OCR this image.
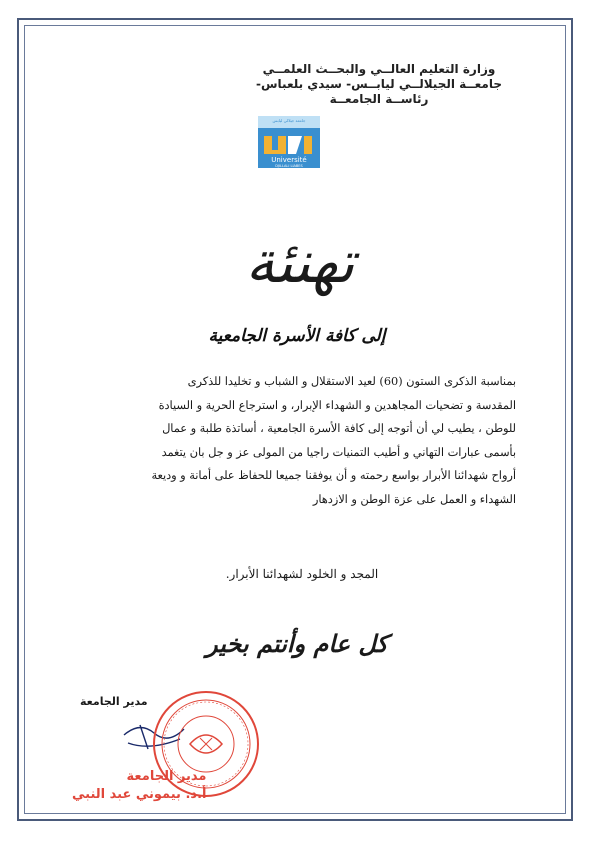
وزارة التعليم العالــي والبحــث العلمــي
جامعــة الجيلالــي ليابــس- سيدي بلعباس-
رئاســة الجامعــة
جامعة جيلالي ليابس
Université
DJILLALI LIABES
تهنئة
إلى كافة الأسرة الجامعية
بمناسبة الذكرى الستون (60) لعيد الاستقلال و الشباب و تخليدا للذكرى
المقدسة و تضحيات المجاهدين و الشهداء الإبرار، و استرجاع الحرية و السيادة
للوطن ، يطيب لي أن أتوجه إلى كافة الأسرة الجامعية ، أساتذة طلبة و عمال
بأسمى عبارات التهاني و أطيب التمنيات راجيا من المولى عز و جل بان يتغمد
أرواح شهدائنا الأبرار بواسع رحمته و أن يوفقنا جميعا للحفاظ على أمانة و وديعة
الشهداء و العمل على عزة الوطن و الازدهار
المجد و الخلود لشهدائنا الأبرار.
كل عام وأنتم بخير
مدير الجامعة
مدير الجامعة
أ.د. بيموني عبد النبي
